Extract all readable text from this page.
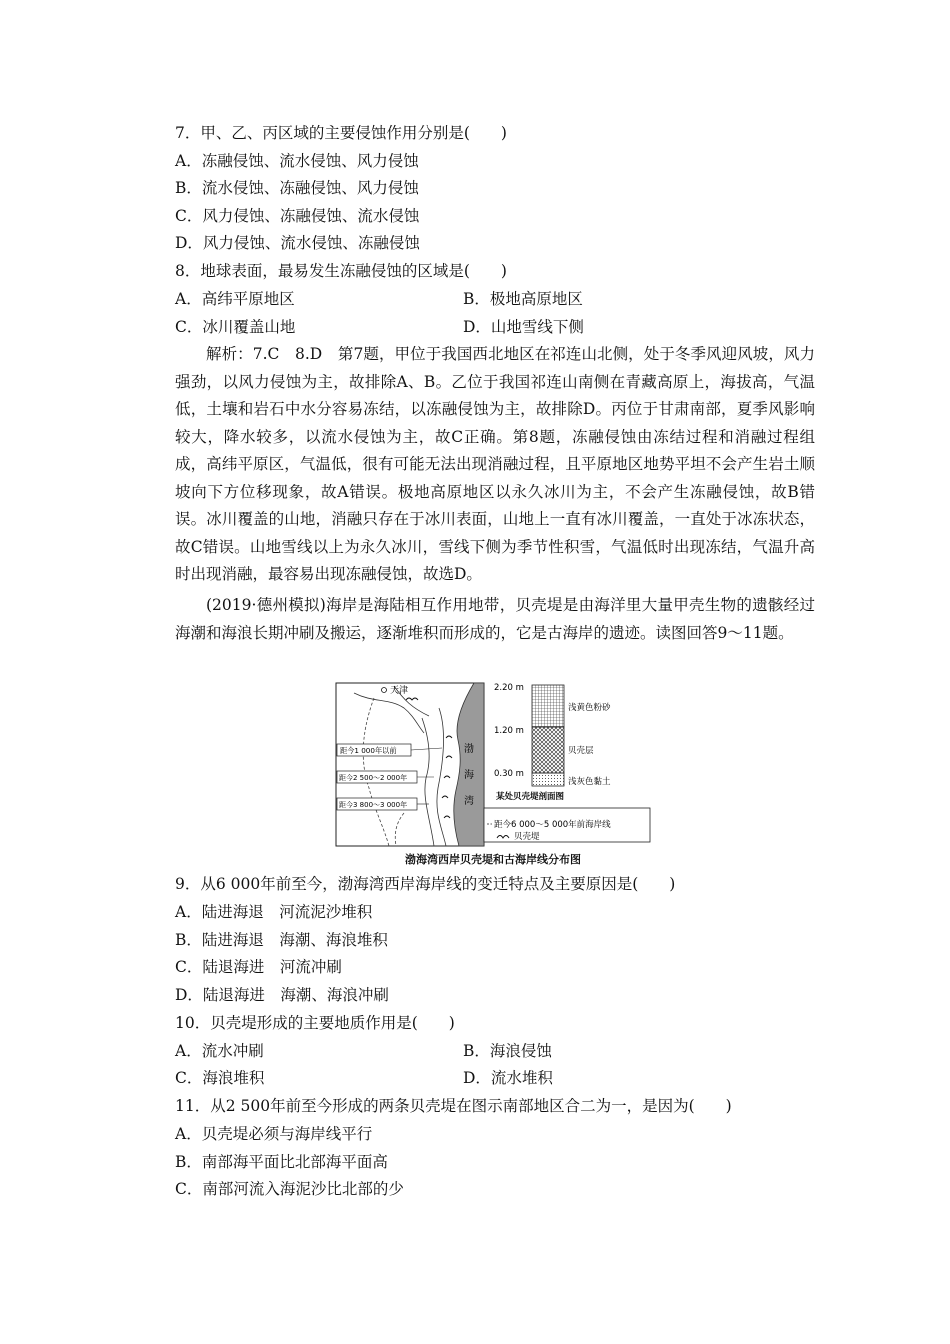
7．甲、乙、丙区域的主要侵蚀作用分别是(　　)
A．冻融侵蚀、流水侵蚀、风力侵蚀
B．流水侵蚀、冻融侵蚀、风力侵蚀
C．风力侵蚀、冻融侵蚀、流水侵蚀
D．风力侵蚀、流水侵蚀、冻融侵蚀
8．地球表面，最易发生冻融侵蚀的区域是(　　)
A．高纬平原地区	B．极地高原地区
C．冰川覆盖山地	D．山地雪线下侧

解析：7.C　8.D　第7题，甲位于我国西北地区在祁连山北侧，处于冬季风迎风坡，风力强劲，以风力侵蚀为主，故排除A、B。乙位于我国祁连山南侧在青藏高原上，海拔高，气温低，土壤和岩石中水分容易冻结，以冻融侵蚀为主，故排除D。丙位于甘肃南部，夏季风影响较大，降水较多，以流水侵蚀为主，故C正确。第8题，冻融侵蚀由冻结过程和消融过程组成，高纬平原区，气温低，很有可能无法出现消融过程，且平原地区地势平坦不会产生岩土顺坡向下方位移现象，故A错误。极地高原地区以永久冰川为主，不会产生冻融侵蚀，故B错误。冰川覆盖的山地，消融只存在于冰川表面，山地上一直有冰川覆盖，一直处于冰冻状态，故C错误。山地雪线以上为永久冰川，雪线下侧为季节性积雪，气温低时出现冻结，气温升高时出现消融，最容易出现冻融侵蚀，故选D。

(2019·德州模拟)海岸是海陆相互作用地带，贝壳堤是由海洋里大量甲壳生物的遗骸经过海潮和海浪长期冲刷及搬运，逐渐堆积而形成的，它是古海岸的遗迹。读图回答9～11题。

渤
海
湾
天津
距今1 000年以前
距今2 500～2 000年
距今3 800～3 000年
2.20 m
1.20 m
0.30 m
浅黄色粉砂
贝壳层
浅灰色黏土
某处贝壳堤剖面图
距今6 000～5 000年前海岸线
贝壳堤
渤海湾西岸贝壳堤和古海岸线分布图
9．从6 000年前至今，渤海湾西岸海岸线的变迁特点及主要原因是(　　)
A．陆进海退　河流泥沙堆积
B．陆进海退　海潮、海浪堆积
C．陆退海进　河流冲刷
D．陆退海进　海潮、海浪冲刷
10．贝壳堤形成的主要地质作用是(　　)
A．流水冲刷	B．海浪侵蚀
C．海浪堆积	D．流水堆积
11．从2 500年前至今形成的两条贝壳堤在图示南部地区合二为一，是因为(　　)
A．贝壳堤必须与海岸线平行
B．南部海平面比北部海平面高
C．南部河流入海泥沙比北部的少
